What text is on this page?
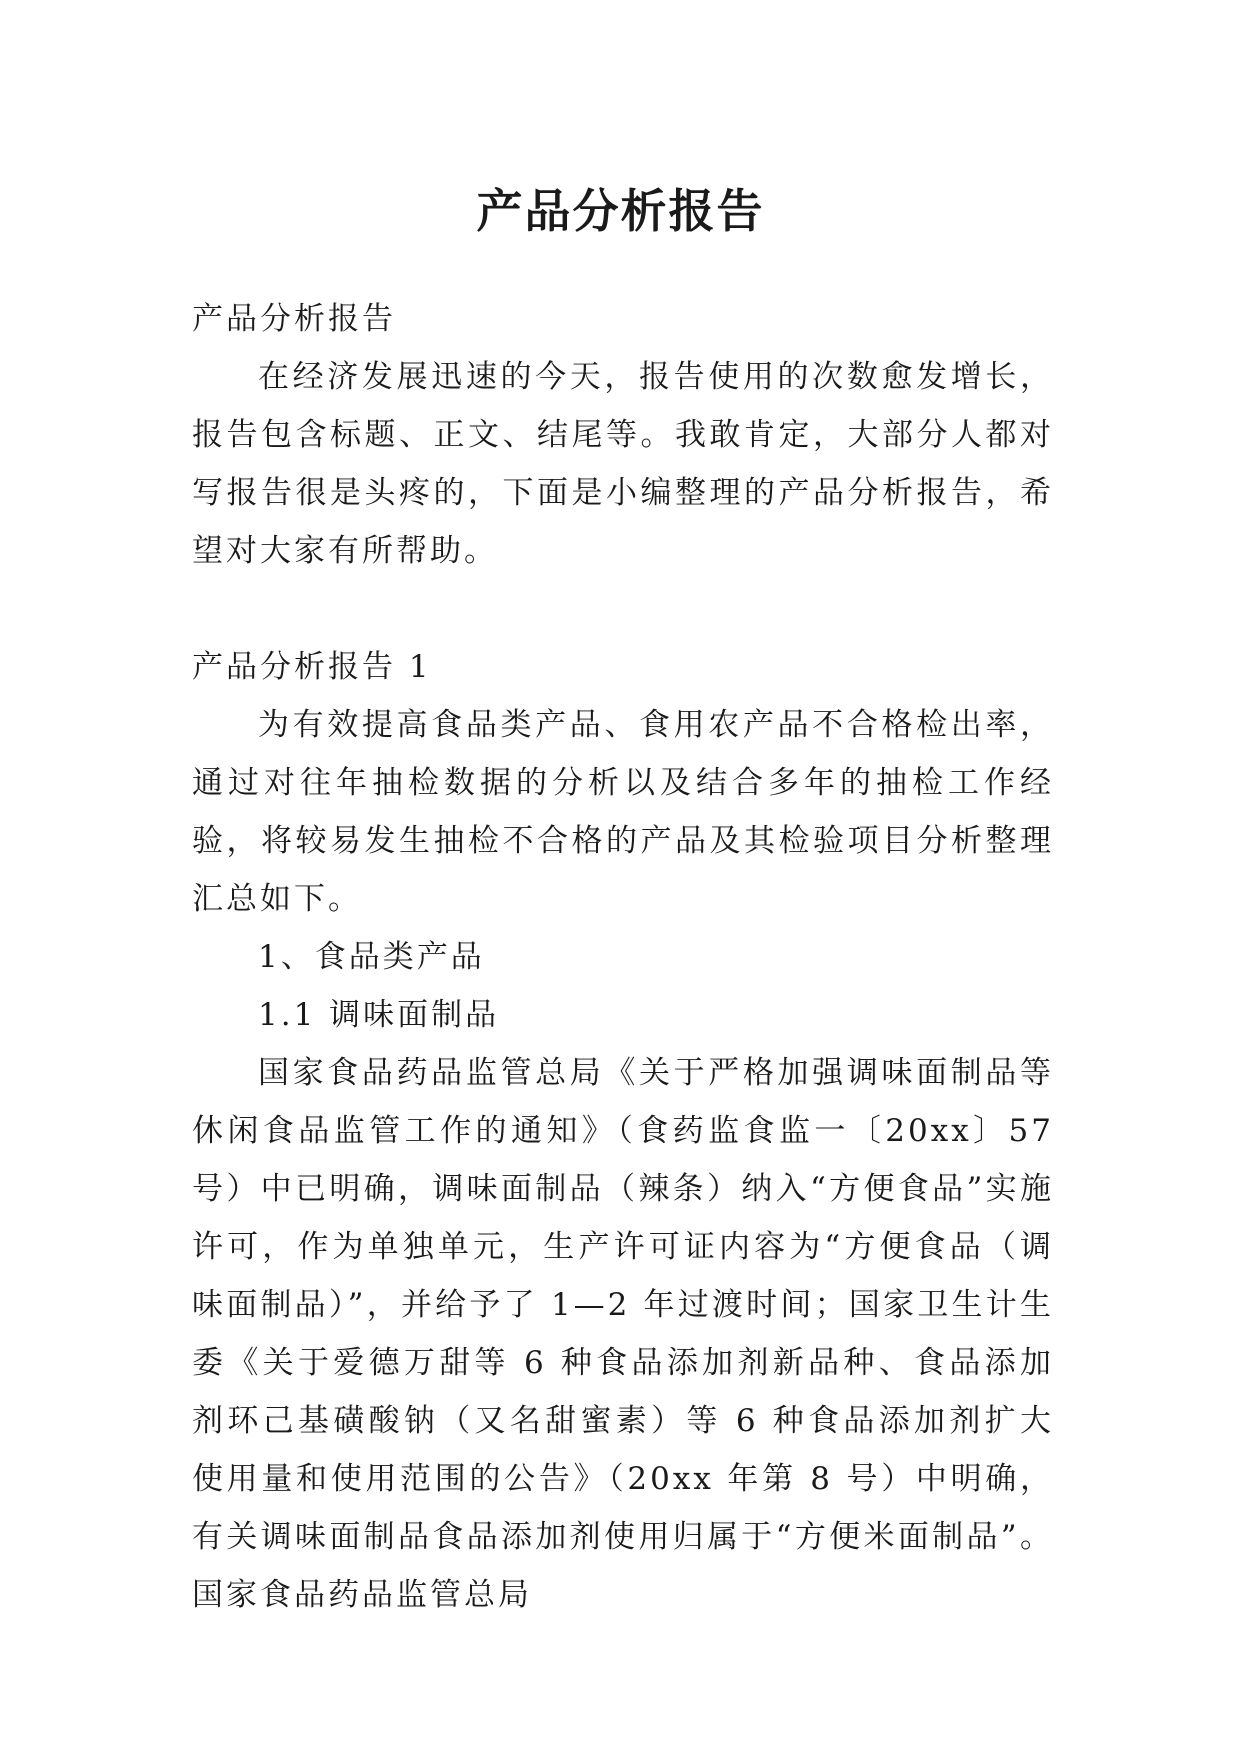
产品分析报告

产品分析报告

在经济发展迅速的今天，报告使用的次数愈发增长，报告包含标题、正文、结尾等。我敢肯定，大部分人都对写报告很是头疼的，下面是小编整理的产品分析报告，希望对大家有所帮助。

产品分析报告 1

为有效提高食品类产品、食用农产品不合格检出率，通过对往年抽检数据的分析以及结合多年的抽检工作经验，将较易发生抽检不合格的产品及其检验项目分析整理汇总如下。

1、食品类产品

1.1 调味面制品

国家食品药品监管总局《关于严格加强调味面制品等休闲食品监管工作的通知》（食药监食监一〔20xx〕57 号）中已明确，调味面制品（辣条）纳入“方便食品”实施许可，作为单独单元，生产许可证内容为“方便食品（调味面制品）”，并给予了 1—2 年过渡时间；国家卫生计生委《关于爱德万甜等 6 种食品添加剂新品种、食品添加剂环己基磺酸钠（又名甜蜜素）等 6 种食品添加剂扩大使用量和使用范围的公告》（20xx 年第 8 号）中明确，有关调味面制品食品添加剂使用归属于“方便米面制品”。国家食品药品监管总局
